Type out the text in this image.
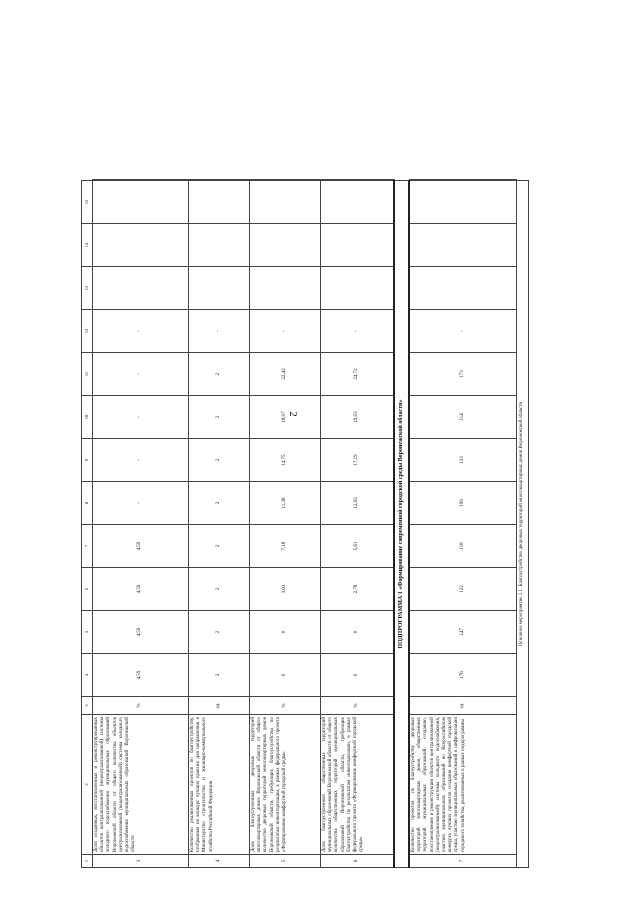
2
1	2	3	4	5	6	7	8	9	10	11	12	13	14	15	
3	Доля созданных, восстановленных и реконструированных объектов централизованной (нецентрализованной) системы холодного водоснабжения муниципальных образований Воронежской области от общего количества объектов централизованной (нецентрализованной) системы холодного водоснабжения муниципальных образований Воронежской области	%	4,59	4,59	4,59	4,59	-	-	-	-	-				
4	Количество реализованных проектов по благоустройству, отобранных на конкурс лучших практик для направления в Министерство строительства и жилищно-коммунального хозяйства Российской Федерации	ед.	2	2	2	2	2	2	2	2	-				
5	Доля благоустроенных дворовых территорий многоквартирных домов Воронежской области от общего количества дворовых территорий многоквартирных домов Воронежской области, требующих благоустройства по результатам инвентаризации, в рамках федерального проекта «Формирование комфортной городской среды»	%	0	0	3,63	7,18	11,38	14,75	18,07	22,43	-				
6	Доля благоустроенных общественных территорий муниципальных образований Воронежской области от общего количества общественных территорий муниципальных образований Воронежской области, требующих благоустройства по результатам инвентаризации, в рамках федерального проекта «Формирование комфортной городской среды»	%	0	0	2,78	5,61	12,93	17,19	19,03	24,72	-				
ПОДПРОГРАММА 1 «Формирование современной городской среды Воронежской области»															
7	Количество проектов по благоустройству дворовых территорий многоквартирных домов, общественных территорий муниципальных образований, созданию, восстановлению и реконструкции объектов централизованной (нецентрализованной) системы холодного водоснабжения, участию муниципальных образований во Всероссийском конкурсе лучших проектов создания комфортной городской среды, участию муниципальных образований в цифровизации городского хозяйства, реализованных в рамках подпрограммы	ед.	176	147	122	118	199	133	114	173	-				
Основное мероприятие 1.1. Благоустройство дворовых территорий многоквартирных домов Воронежской области															
